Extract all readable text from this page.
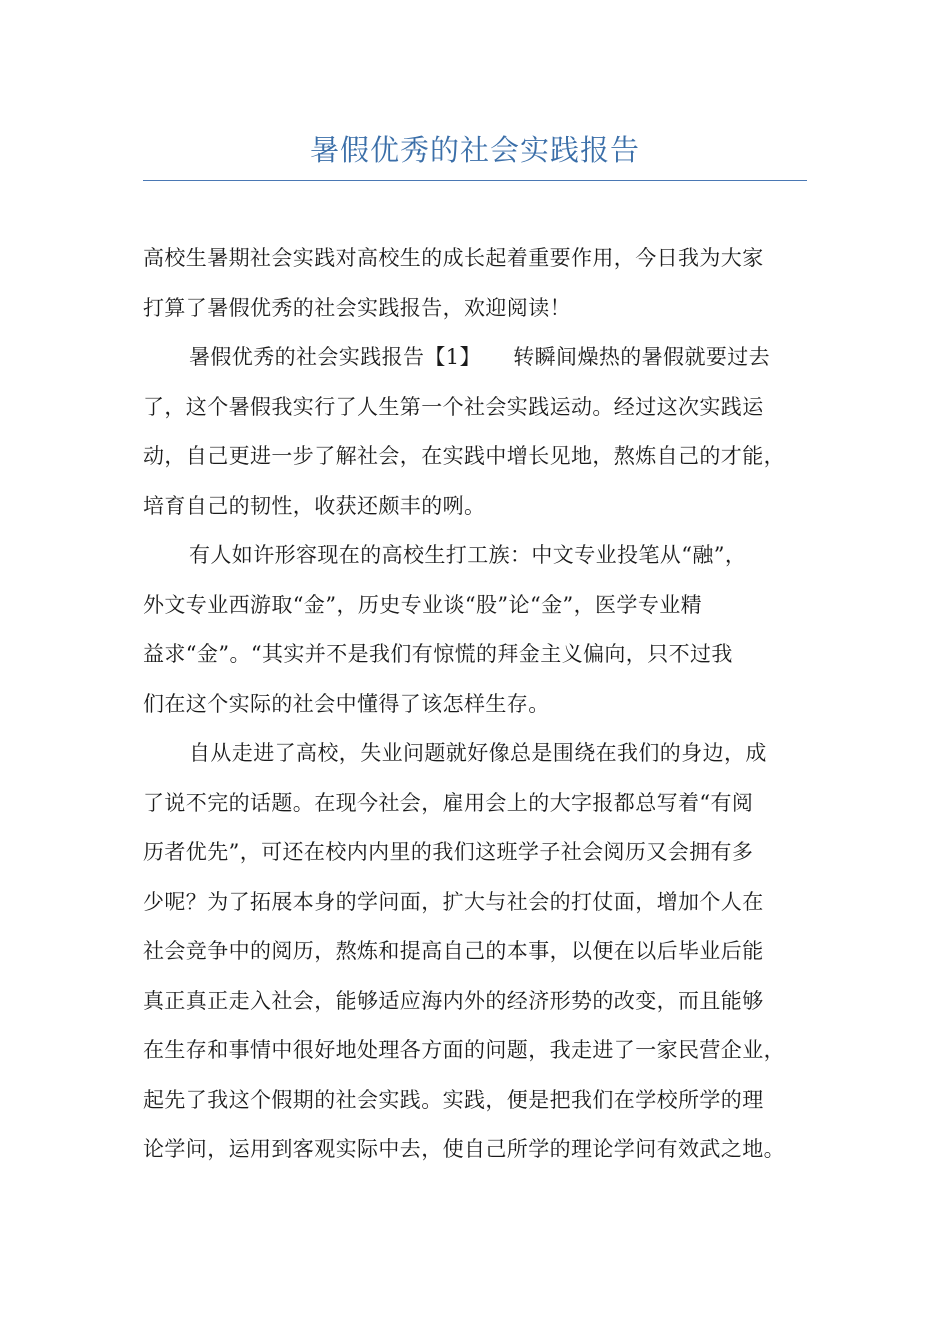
暑假优秀的社会实践报告
高校生暑期社会实践对高校生的成长起着重要作用，今日我为大家
打算了暑假优秀的社会实践报告，欢迎阅读！
暑假优秀的社会实践报告【1】　　转瞬间燥热的暑假就要过去
了，这个暑假我实行了人生第一个社会实践运动。经过这次实践运
动，自己更进一步了解社会，在实践中增长见地，熬炼自己的才能，
培育自己的韧性，收获还颇丰的咧。
有人如许形容现在的高校生打工族：中文专业投笔从“融”，
外文专业西游取“金”，历史专业谈“股”论“金”，医学专业精
益求“金”。“其实并不是我们有惊慌的拜金主义偏向，只不过我
们在这个实际的社会中懂得了该怎样生存。
自从走进了高校，失业问题就好像总是围绕在我们的身边，成
了说不完的话题。在现今社会，雇用会上的大字报都总写着“有阅
历者优先”，可还在校内内里的我们这班学子社会阅历又会拥有多
少呢？为了拓展本身的学问面，扩大与社会的打仗面，增加个人在
社会竞争中的阅历，熬炼和提高自己的本事，以便在以后毕业后能
真正真正走入社会，能够适应海内外的经济形势的改变，而且能够
在生存和事情中很好地处理各方面的问题，我走进了一家民营企业，
起先了我这个假期的社会实践。实践，便是把我们在学校所学的理
论学问，运用到客观实际中去，使自己所学的理论学问有效武之地。
